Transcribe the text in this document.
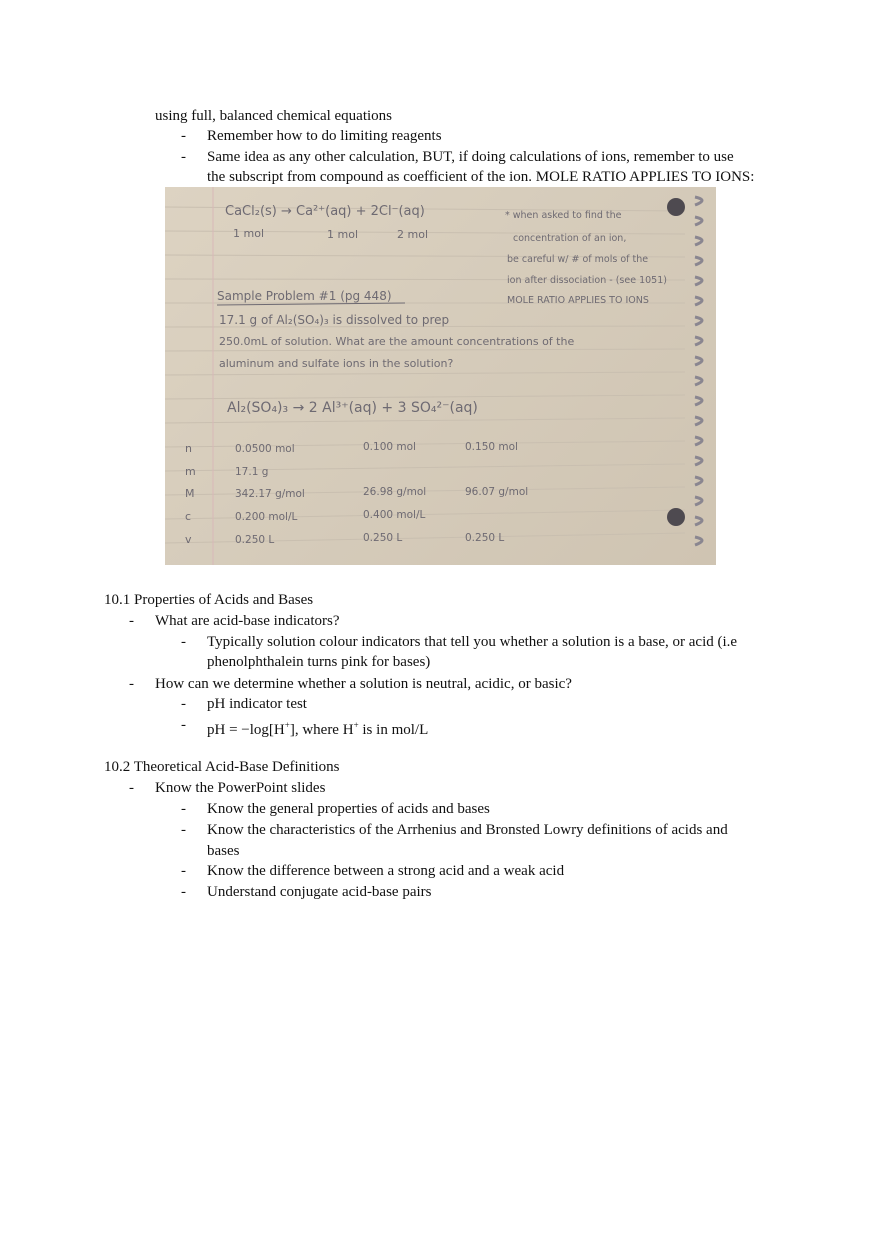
using full, balanced chemical equations
- Remember how to do limiting reagents
- Same idea as any other calculation, BUT, if doing calculations of ions, remember to use
the subscript from compound as coefficient of the ion. MOLE RATIO APPLIES TO IONS:
CaCl₂(s) → Ca²⁺(aq) + 2Cl⁻(aq)
1 mol	1 mol	2 mol
* when asked to find the
concentration of an ion,
be careful w/ # of mols of the
ion after dissociation - (see 1051)
MOLE RATIO APPLIES TO IONS
Sample Problem #1 (pg 448)
17.1 g of Al₂(SO₄)₃ is dissolved to prep
250.0mL of solution. What are the amount concentrations of the
aluminum and sulfate ions in the solution?
Al₂(SO₄)₃ → 2 Al³⁺(aq) + 3 SO₄²⁻(aq)
n	0.0500 mol	0.100 mol	0.150 mol
m	17.1 g
M	342.17 g/mol	26.98 g/mol	96.07 g/mol
c	0.200 mol/L	0.400 mol/L
v	0.250 L	0.250 L	0.250 L
10.1 Properties of Acids and Bases
- What are acid-base indicators?
- Typically solution colour indicators that tell you whether a solution is a base, or acid (i.e
phenolphthalein turns pink for bases)
- How can we determine whether a solution is neutral, acidic, or basic?
- pH indicator test
- pH = −log[H+], where H+ is in mol/L
10.2 Theoretical Acid-Base Definitions
- Know the PowerPoint slides
- Know the general properties of acids and bases
- Know the characteristics of the Arrhenius and Bronsted Lowry definitions of acids and
bases
- Know the difference between a strong acid and a weak acid
- Understand conjugate acid-base pairs
